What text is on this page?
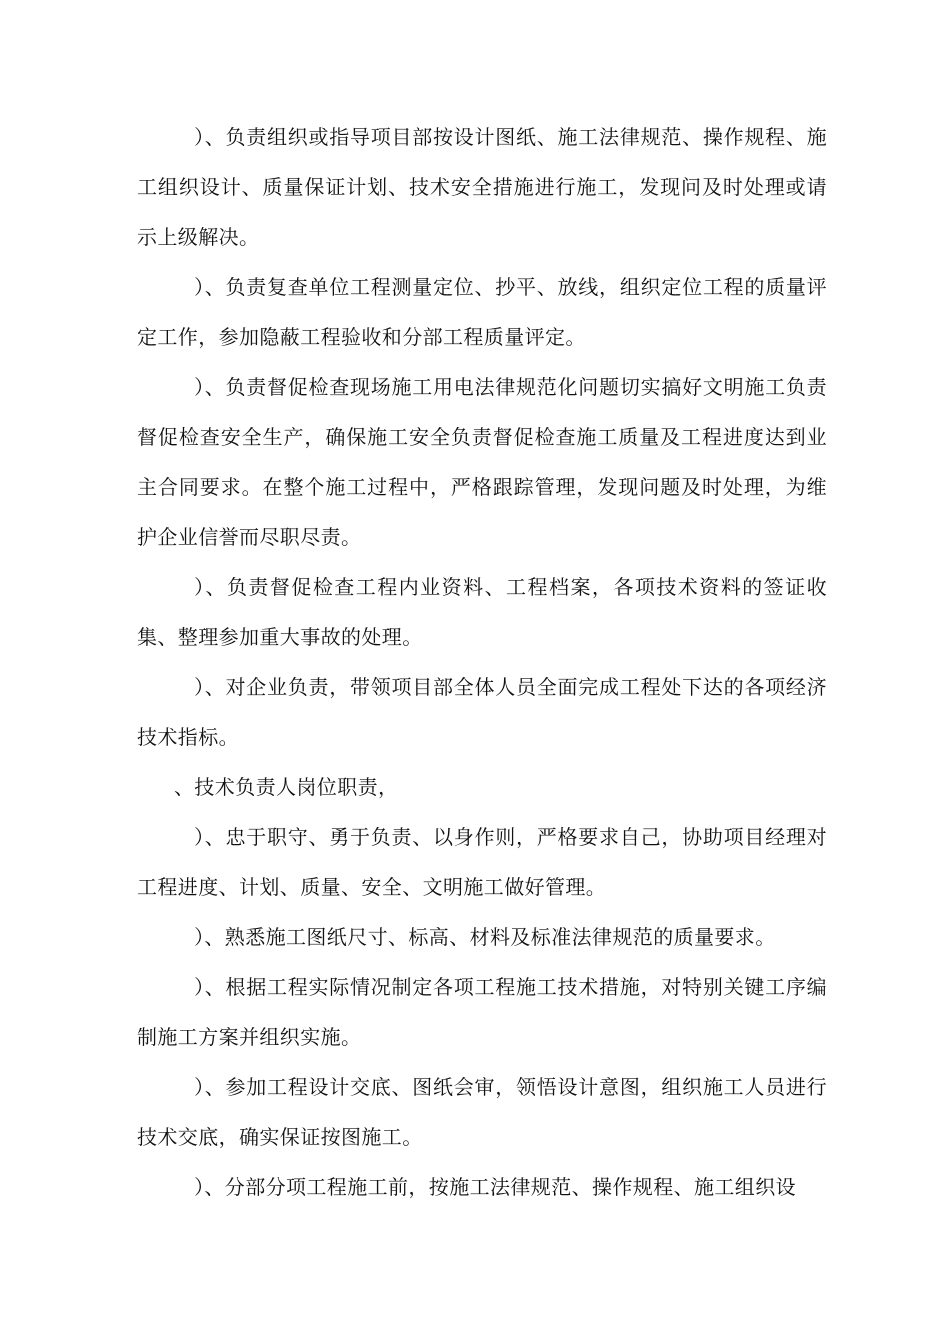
）、负责组织或指导项目部按设计图纸、施工法律规范、操作规程、施工组织设计、质量保证计划、技术安全措施进行施工，发现问及时处理或请示上级解决。

）、负责复查单位工程测量定位、抄平、放线，组织定位工程的质量评定工作，参加隐蔽工程验收和分部工程质量评定。

）、负责督促检查现场施工用电法律规范化问题切实搞好文明施工负责督促检查安全生产，确保施工安全负责督促检查施工质量及工程进度达到业主合同要求。在整个施工过程中，严格跟踪管理，发现问题及时处理，为维护企业信誉而尽职尽责。

）、负责督促检查工程内业资料、工程档案，各项技术资料的签证收集、整理参加重大事故的处理。

）、对企业负责，带领项目部全体人员全面完成工程处下达的各项经济技术指标。

、技术负责人岗位职责，

）、忠于职守、勇于负责、以身作则，严格要求自己，协助项目经理对工程进度、计划、质量、安全、文明施工做好管理。

）、熟悉施工图纸尺寸、标高、材料及标准法律规范的质量要求。

）、根据工程实际情况制定各项工程施工技术措施，对特别关键工序编制施工方案并组织实施。

）、参加工程设计交底、图纸会审，领悟设计意图，组织施工人员进行技术交底，确实保证按图施工。

）、分部分项工程施工前，按施工法律规范、操作规程、施工组织设
